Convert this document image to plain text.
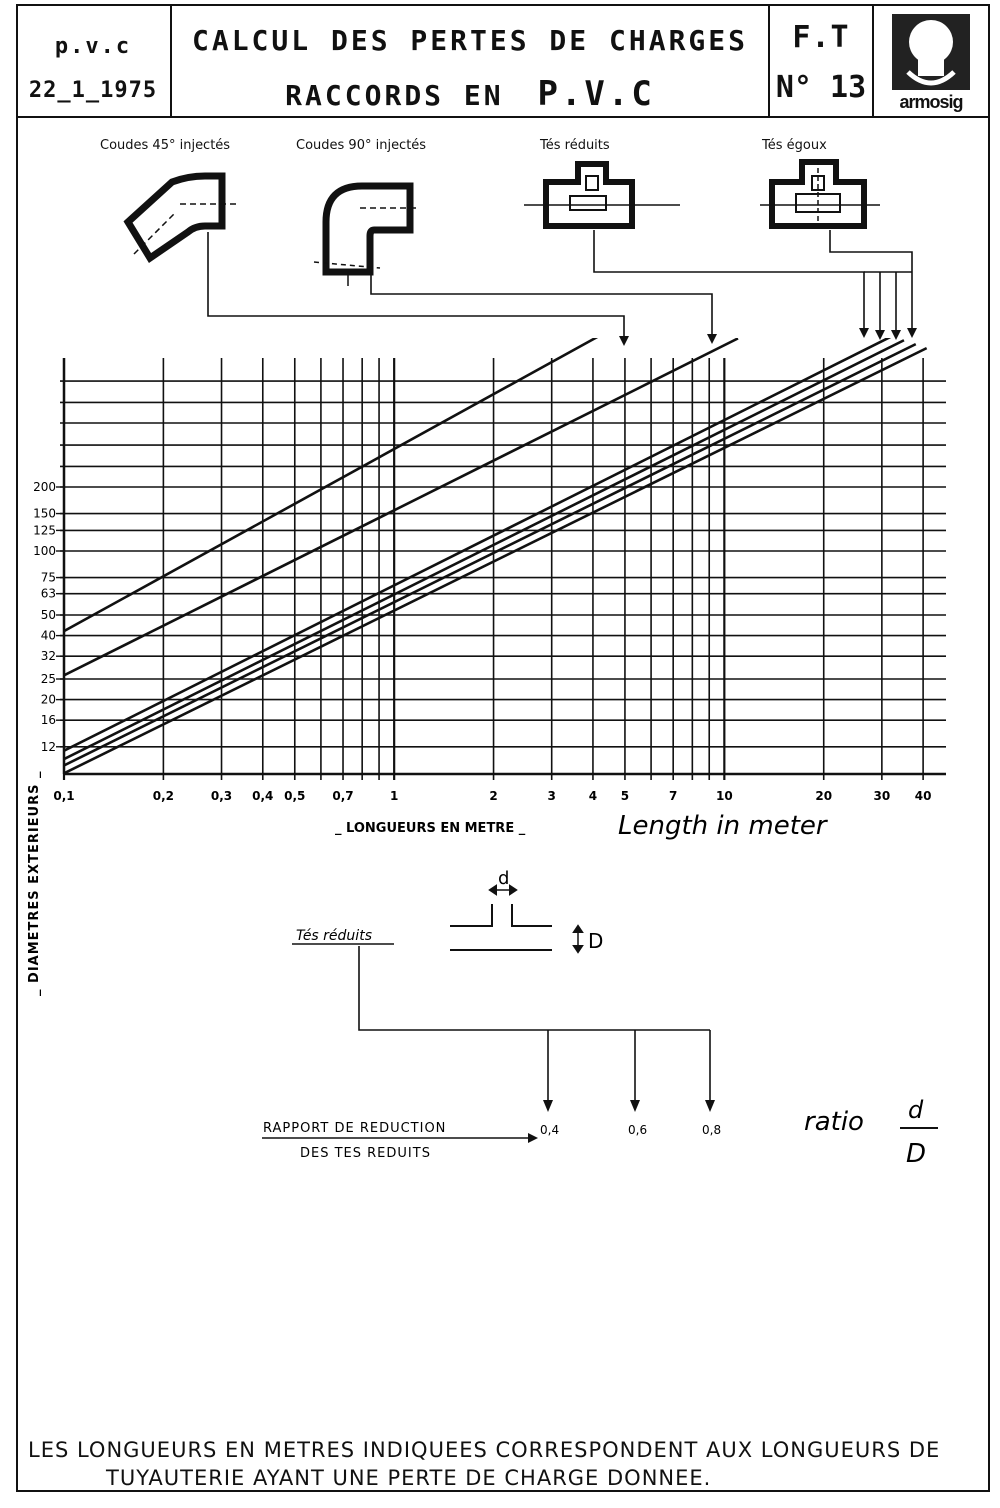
p.v.c
22_1_1975
CALCUL DES PERTES DE CHARGES
RACCORDS EN P.V.C
F.T
N° 13	armosig
Coudes 45° injectés	Coudes 90° injectés	Tés réduits	Tés égoux
0,1	0,2	0,3 0,4 0,5 0,7	1	2	3	4 5	7	10	20	30 40
12
16
20
25
32
40
50
63
75
100
125
150
200
_ LONGUEURS EN METRE _	Length in meter
_ DIAMETRES EXTERIEURS _	Tés réduits
d
D
RAPPORT DE REDUCTION
DES TES REDUITS
0,4	0,6	0,8	ratio d
D
LES LONGUEURS EN METRES INDIQUEES CORRESPONDENT AUX LONGUEURS DE
TUYAUTERIE AYANT UNE PERTE DE CHARGE DONNEE.
